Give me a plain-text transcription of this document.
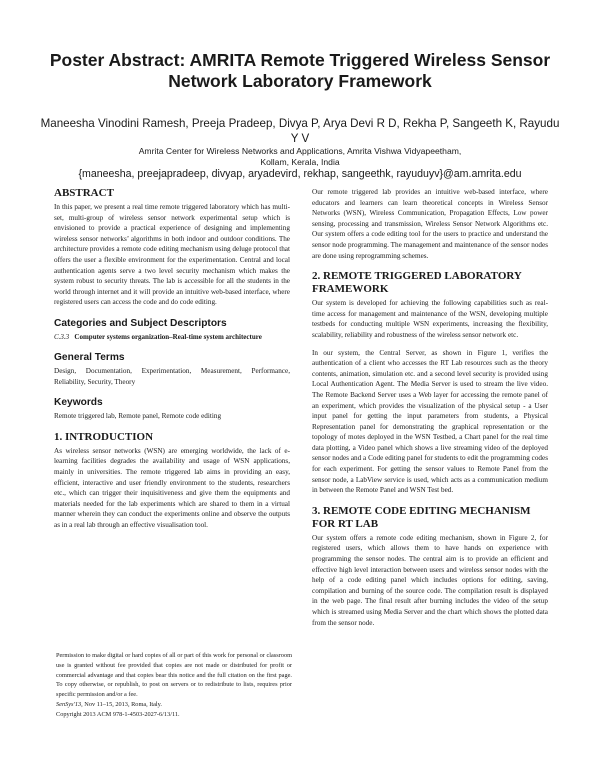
Poster Abstract: AMRITA Remote Triggered Wireless Sensor Network Laboratory Framework
Maneesha Vinodini Ramesh, Preeja Pradeep, Divya P, Arya Devi R D, Rekha P, Sangeeth K, Rayudu Y V
Amrita Center for Wireless Networks and Applications, Amrita Vishwa Vidyapeetham,
Kollam, Kerala, India
{maneesha, preejapradeep, divyap, aryadevird, rekhap, sangeethk, rayuduyv}@am.amrita.edu
ABSTRACT
In this paper, we present a real time remote triggered laboratory which has multi-set, multi-group of wireless sensor network experimental setup which is envisioned to provide a practical experience of designing and implementing wireless sensor networks’ algorithms in both indoor and outdoor conditions. The architecture provides a remote code editing mechanism using deluge protocol that offers the user a flexible environment for the experimentation. Central and local authentication agents serve a two level security mechanism which makes the system robust to security threats. The lab is accessible for all the students in the world through internet and it will provide an intuitive web-based interface, where registered users can access the code and do code editing.
Categories and Subject Descriptors
C.3.3 Computer systems organization–Real-time system architecture
General Terms
Design, Documentation, Experimentation, Measurement, Performance, Reliability, Security, Theory
Keywords
Remote triggered lab, Remote panel, Remote code editing
1. INTRODUCTION
As wireless sensor networks (WSN) are emerging worldwide, the lack of e-learning facilities degrades the availability and usage of WSN applications, mainly in universities. The remote triggered lab aims in providing an easy, efficient, interactive and user friendly environment to the students, researchers etc., which can trigger their inquisitiveness and give them the equipments and materials needed for the lab experiments which are shared to them in a virtual manner wherein they can conduct the experiments online and observe the outputs as in a real lab through an effective visualisation tool.
Permission to make digital or hard copies of all or part of this work for personal or classroom use is granted without fee provided that copies are not made or distributed for profit or commercial advantage and that copies bear this notice and the full citation on the first page. To copy otherwise, or republish, to post on servers or to redistribute to lists, requires prior specific permission and/or a fee.
SenSys'13, Nov 11–15, 2013, Roma, Italy.
Copyright 2013 ACM 978-1-4503-2027-6/13/11.
Our remote triggered lab provides an intuitive web-based interface, where educators and learners can learn theoretical concepts in Wireless Sensor Networks (WSN), Wireless Communication, Propagation Effects, Low power sensing, processing and transmission, Wireless Sensor Network Algorithms etc. Our system offers a code editing tool for the users to practice and understand the sensor node programming. The management and maintenance of the sensor nodes are done using reprogramming schemes.
2. REMOTE TRIGGERED LABORATORY FRAMEWORK
Our system is developed for achieving the following capabilities such as real-time access for management and maintenance of the WSN, developing multiple testbeds for conducting multiple WSN experiments, increasing the flexibility, scalability, reliability and robustness of the wireless sensor network etc.
In our system, the Central Server, as shown in Figure 1, verifies the authentication of a client who accesses the RT Lab resources such as the theory contents, animation, simulation etc. and a second level security is provided using Local Authentication Agent. The Media Server is used to stream the live video. The Remote Backend Server uses a Web layer for accessing the remote panel of an experiment, which provides the visualization of the physical setup - a User input panel for getting the input parameters from students, a Physical Representation panel for demonstrating the graphical representation or the topology of motes deployed in the WSN Testbed, a Chart panel for the real time data plotting, a Video panel which shows a live streaming video of the deployed sensor nodes and a Code editing panel for students to edit the programming codes for each experiment. For getting the sensor values to Remote Panel from the sensor node, a LabView service is used, which acts as a communication medium in between the Remote Panel and WSN Test bed.
3. REMOTE CODE EDITING MECHANISM FOR RT LAB
Our system offers a remote code editing mechanism, shown in Figure 2, for registered users, which allows them to have hands on experience with programming the sensor nodes. The central aim is to provide an efficient and effective high level interaction between users and wireless sensor nodes with the help of a code editing panel which includes options for editing, saving, compilation and burning of the source code. The compilation result is displayed in the web page. The final result after burning includes the video of the setup which is streamed using Media Server and the chart which shows the plotted data from the sensor node.
